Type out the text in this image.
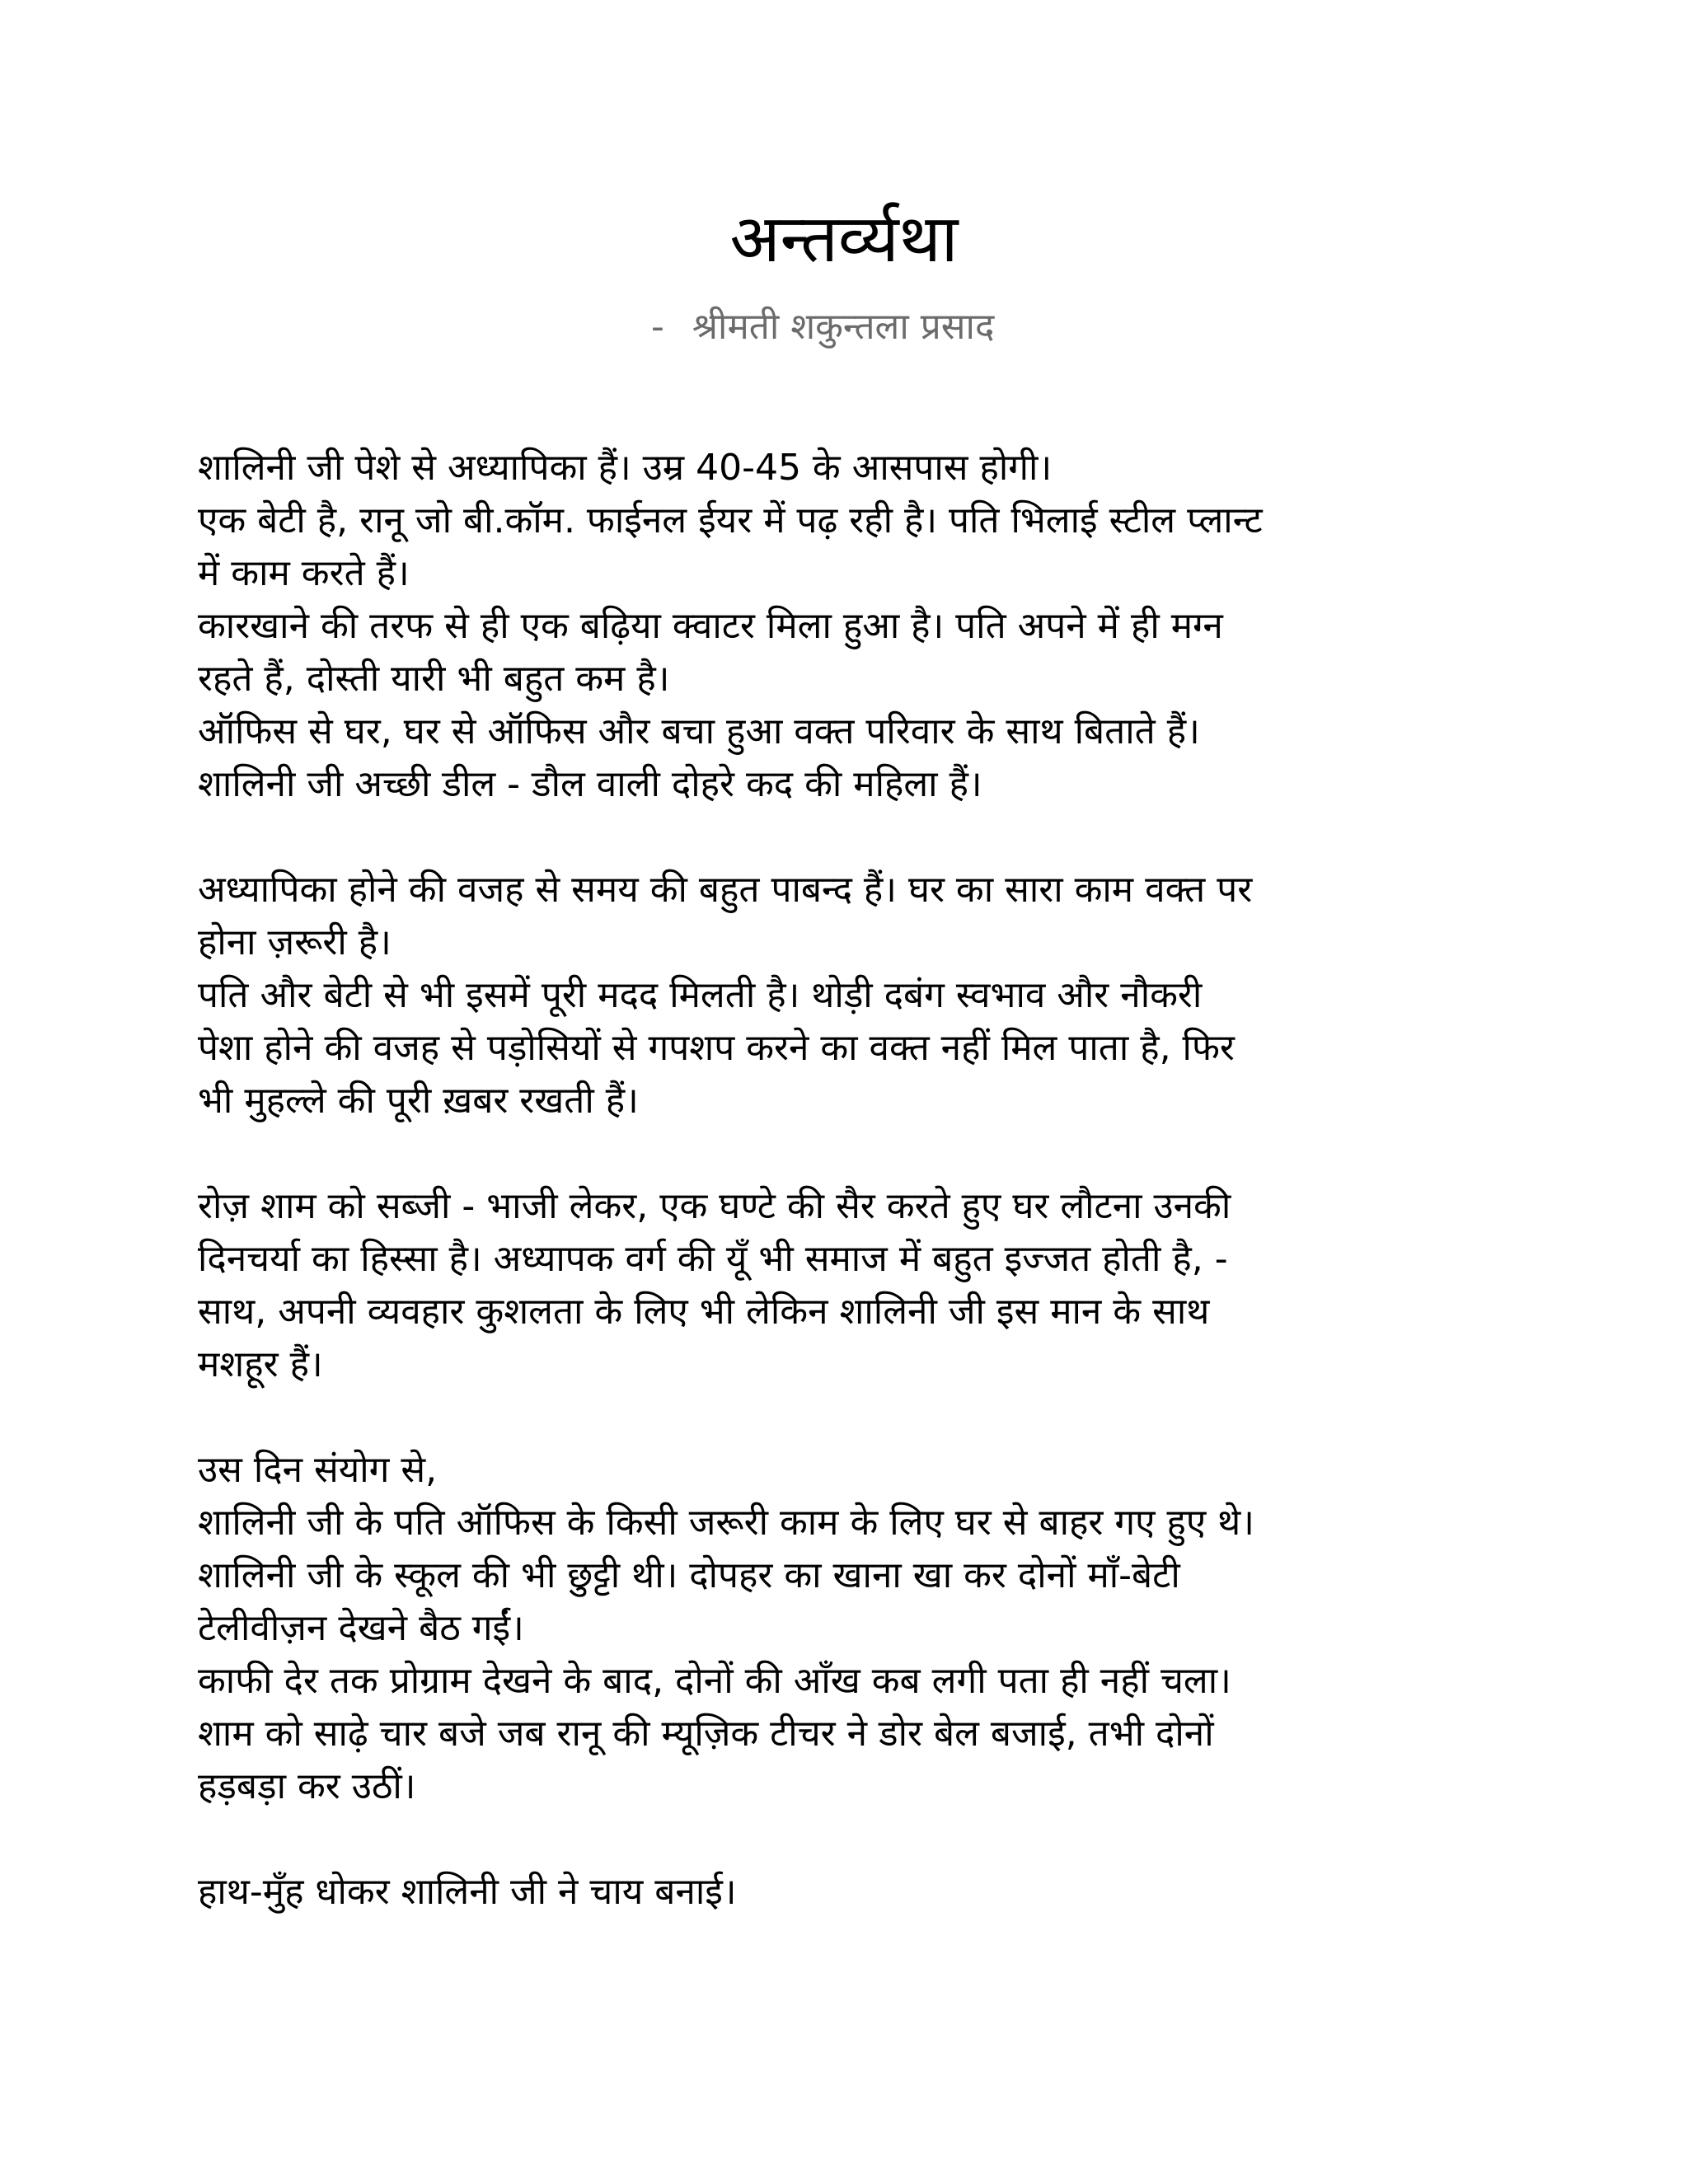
अन्तर्व्यथा
- श्रीमती शकुन्तला प्रसाद
शालिनी जी पेशे से अध्यापिका हैं। उम्र 40-45 के आसपास होगी।
एक बेटी है, रानू जो बी.कॉम. फाईनल ईयर में पढ़ रही है। पति भिलाई स्टील प्लान्ट
में काम करते हैं।
कारखाने की तरफ से ही एक बढ़िया क्वाटर मिला हुआ है। पति अपने में ही मग्न
रहते हैं, दोस्ती यारी भी बहुत कम है।
ऑफिस से घर, घर से ऑफिस और बचा हुआ वक्त परिवार के साथ बिताते हैं।
शालिनी जी अच्छी डील - डौल वाली दोहरे कद की महिला हैं।
अध्यापिका होने की वजह से समय की बहुत पाबन्द हैं। घर का सारा काम वक्त पर
होना ज़रूरी है।
पति और बेटी से भी इसमें पूरी मदद मिलती है। थोड़ी दबंग स्वभाव और नौकरी
पेशा होने की वजह से पड़ोसियों से गपशप करने का वक्त नहीं मिल पाता है, फिर
भी मुहल्ले की पूरी ख़बर रखती हैं।
रोज़ शाम को सब्जी - भाजी लेकर, एक घण्टे की सैर करते हुए घर लौटना उनकी
दिनचर्या का हिस्सा है। अध्यापक वर्ग की यूँ भी समाज में बहुत इज्जत होती है, -
साथ, अपनी व्यवहार कुशलता के लिए भी लेकिन शालिनी जी इस मान के साथ
मशहूर हैं।
उस दिन संयोग से,
शालिनी जी के पति ऑफिस के किसी जरूरी काम के लिए घर से बाहर गए हुए थे।
शालिनी जी के स्कूल की भी छुट्टी थी। दोपहर का खाना खा कर दोनों माँ-बेटी
टेलीवीज़न देखने बैठ गईं।
काफी देर तक प्रोग्राम देखने के बाद, दोनों की आँख कब लगी पता ही नहीं चला।
शाम को साढ़े चार बजे जब रानू की म्यूज़िक टीचर ने डोर बेल बजाई, तभी दोनों
हड़बड़ा कर उठीं।
हाथ-मुँह धोकर शालिनी जी ने चाय बनाई।
